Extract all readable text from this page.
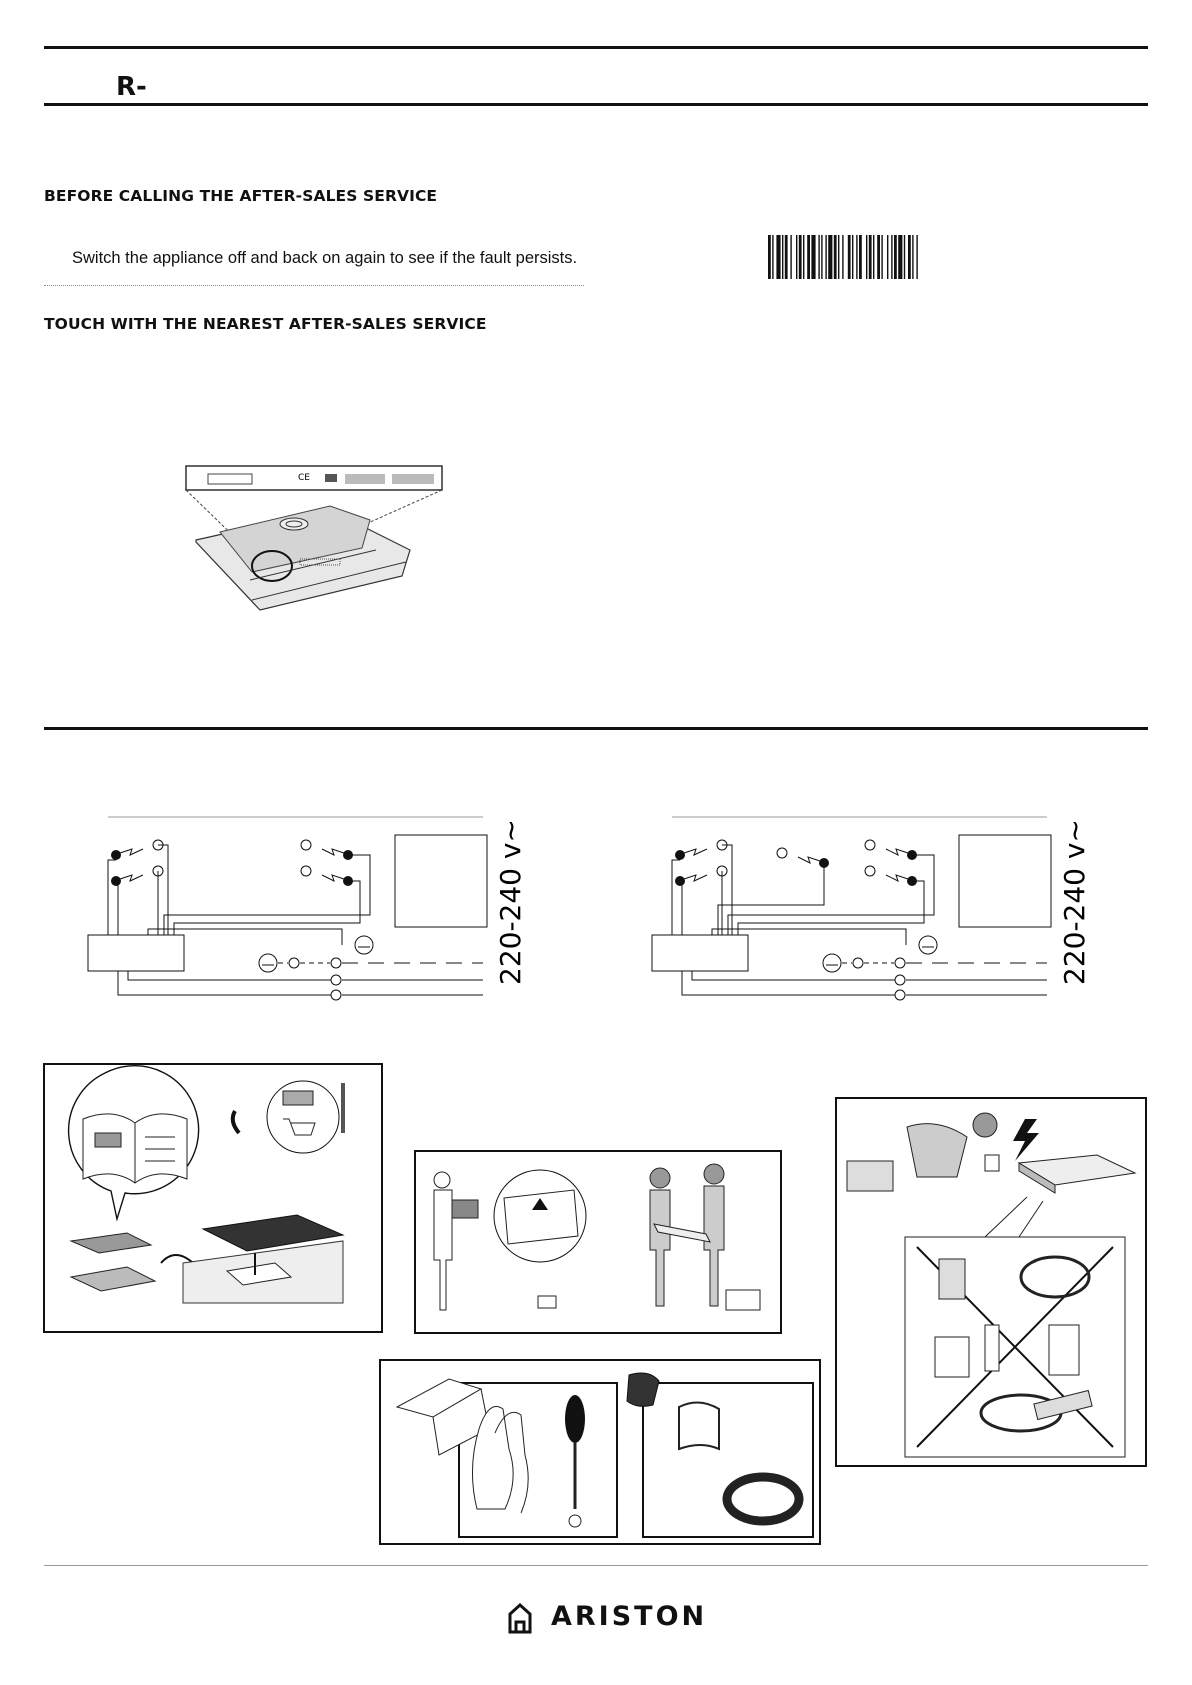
R-
BEFORE CALLING THE AFTER-SALES SERVICE
Switch the appliance off and back on again to see if the fault persists.
TOUCH WITH THE NEAREST AFTER-SALES SERVICE
CE
220-240 v~	220-240 v~
ARISTON
